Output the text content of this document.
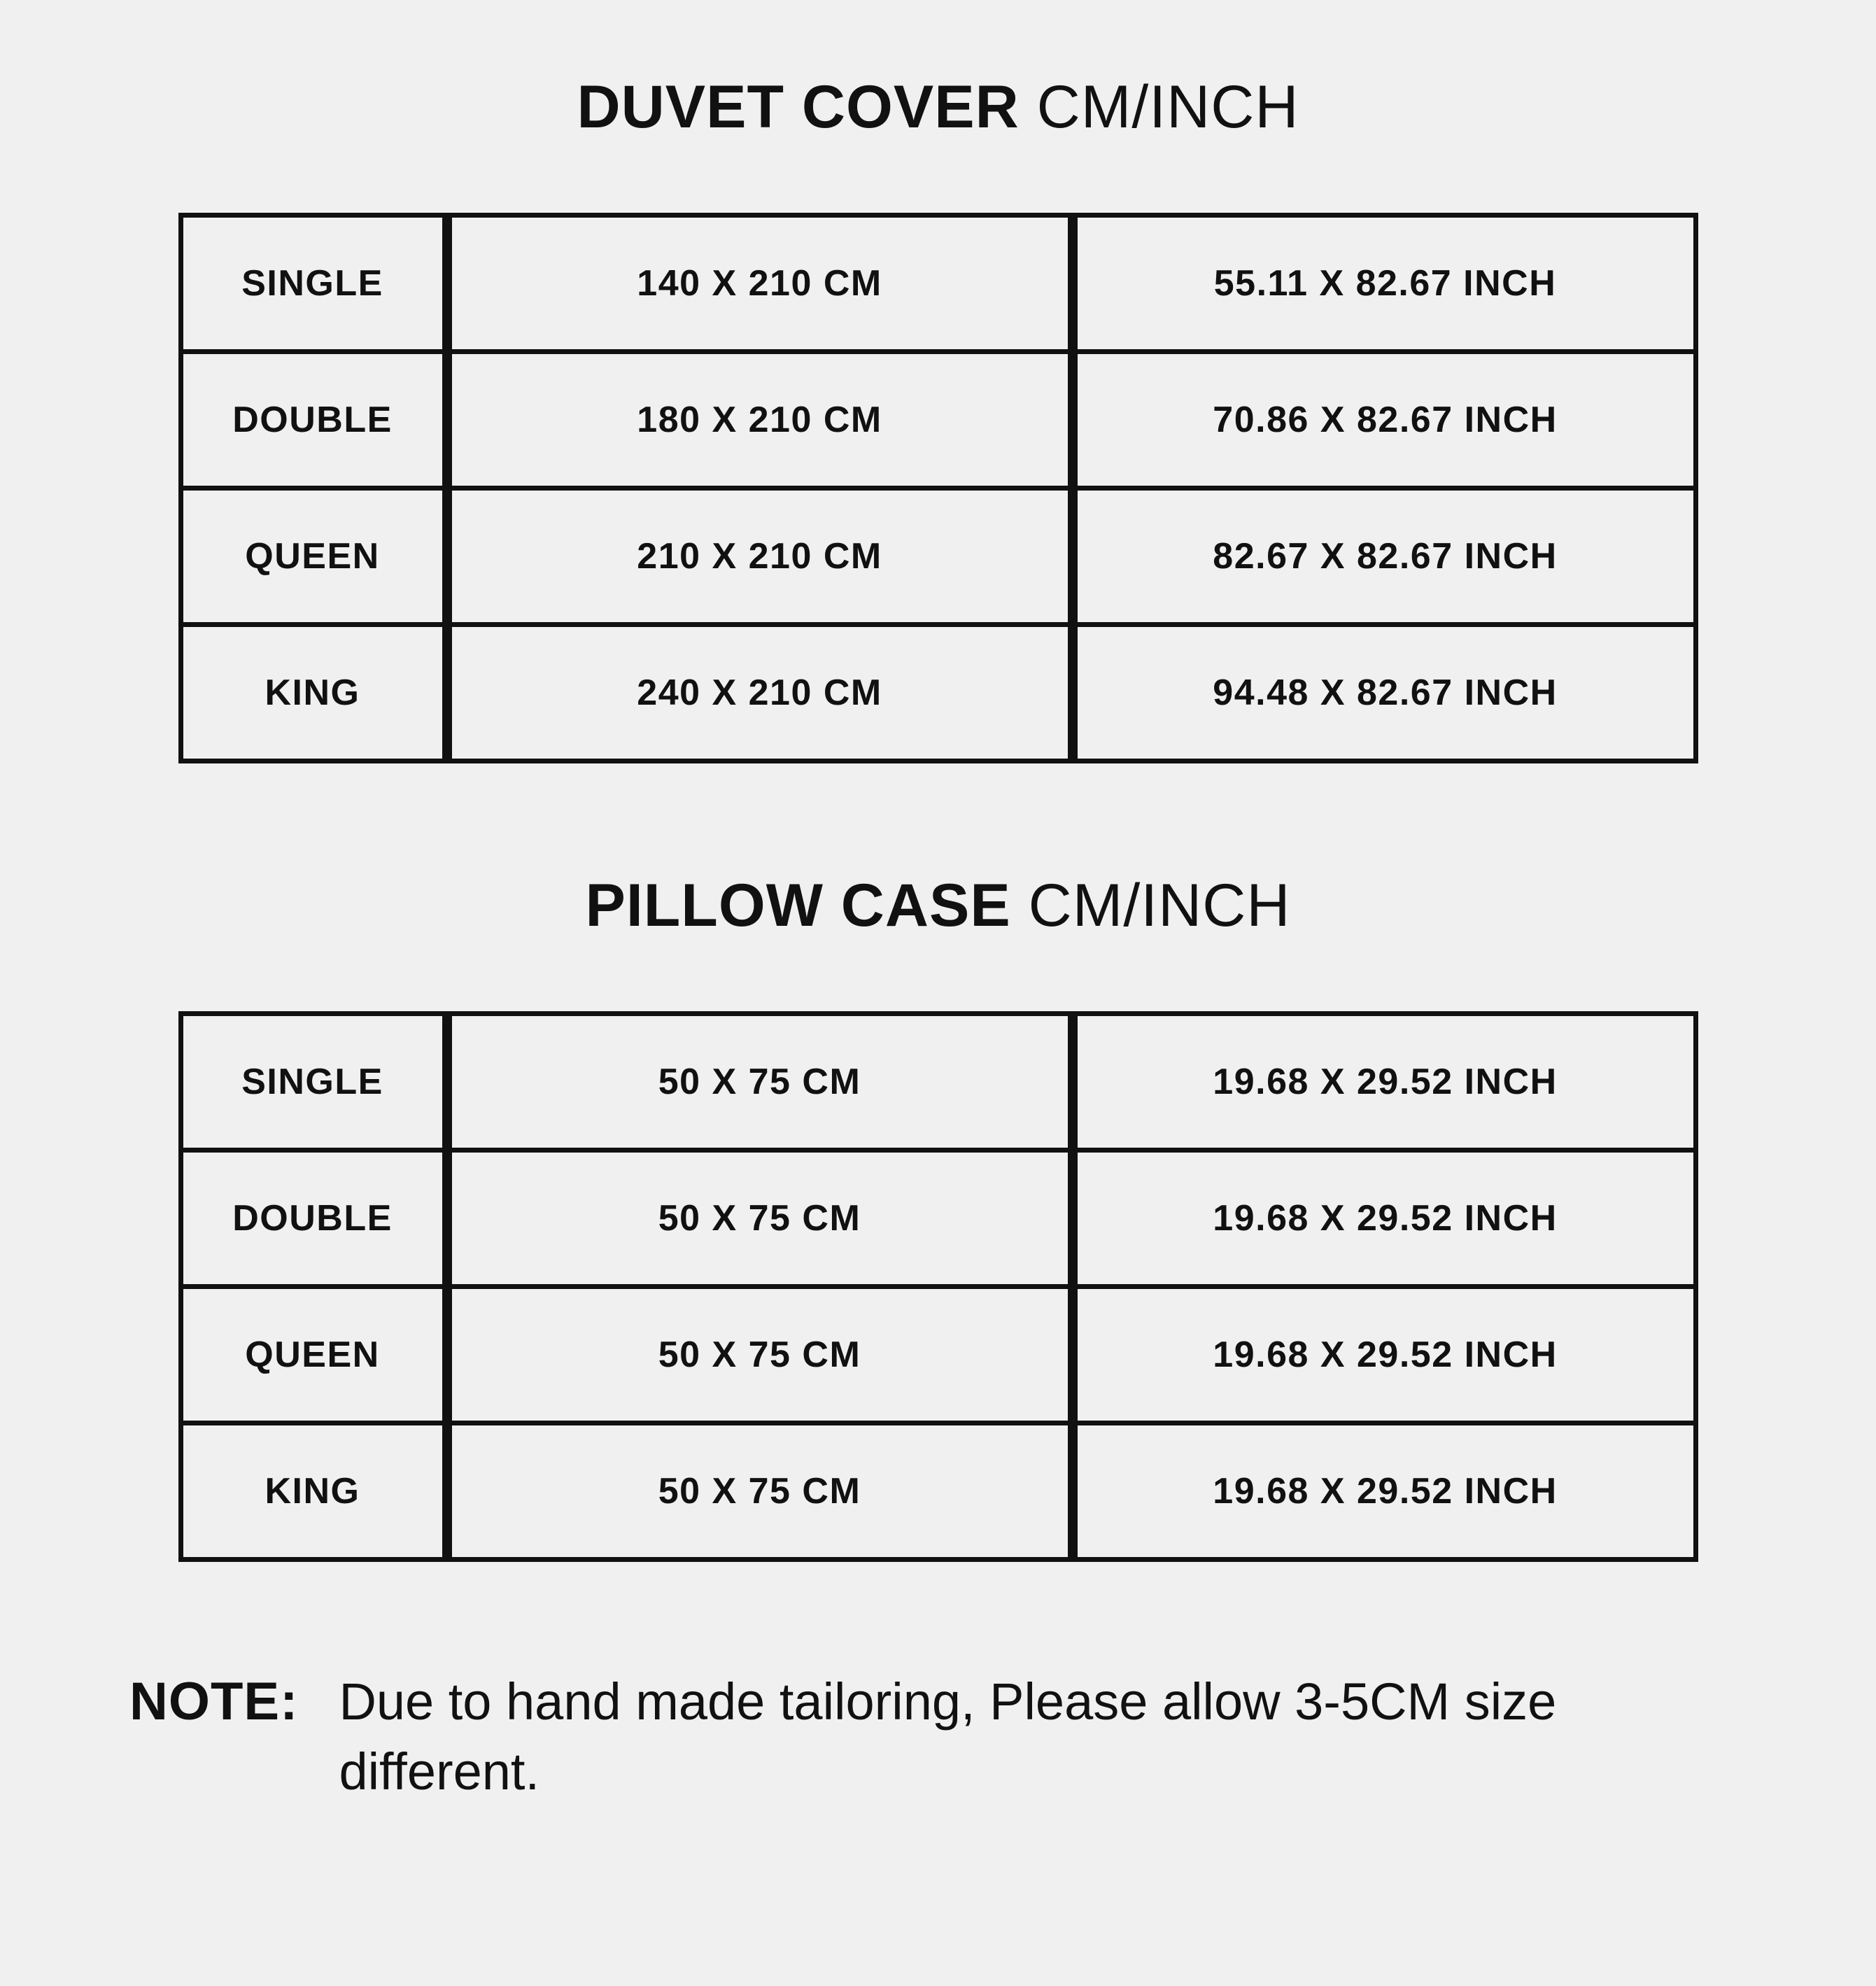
DUVET COVER CM/INCH
SINGLE	140 X 210 CM	55.11 X 82.67 INCH
DOUBLE	180 X 210 CM	70.86 X 82.67 INCH
QUEEN	210 X 210 CM	82.67 X 82.67 INCH
KING	240 X 210 CM	94.48 X 82.67 INCH
PILLOW CASE CM/INCH
SINGLE	50 X 75 CM	19.68 X 29.52 INCH
DOUBLE	50 X 75 CM	19.68 X 29.52 INCH
QUEEN	50 X 75 CM	19.68 X 29.52 INCH
KING	50 X 75 CM	19.68 X 29.52 INCH
NOTE: Due to hand made tailoring, Please allow 3-5CM size different.
